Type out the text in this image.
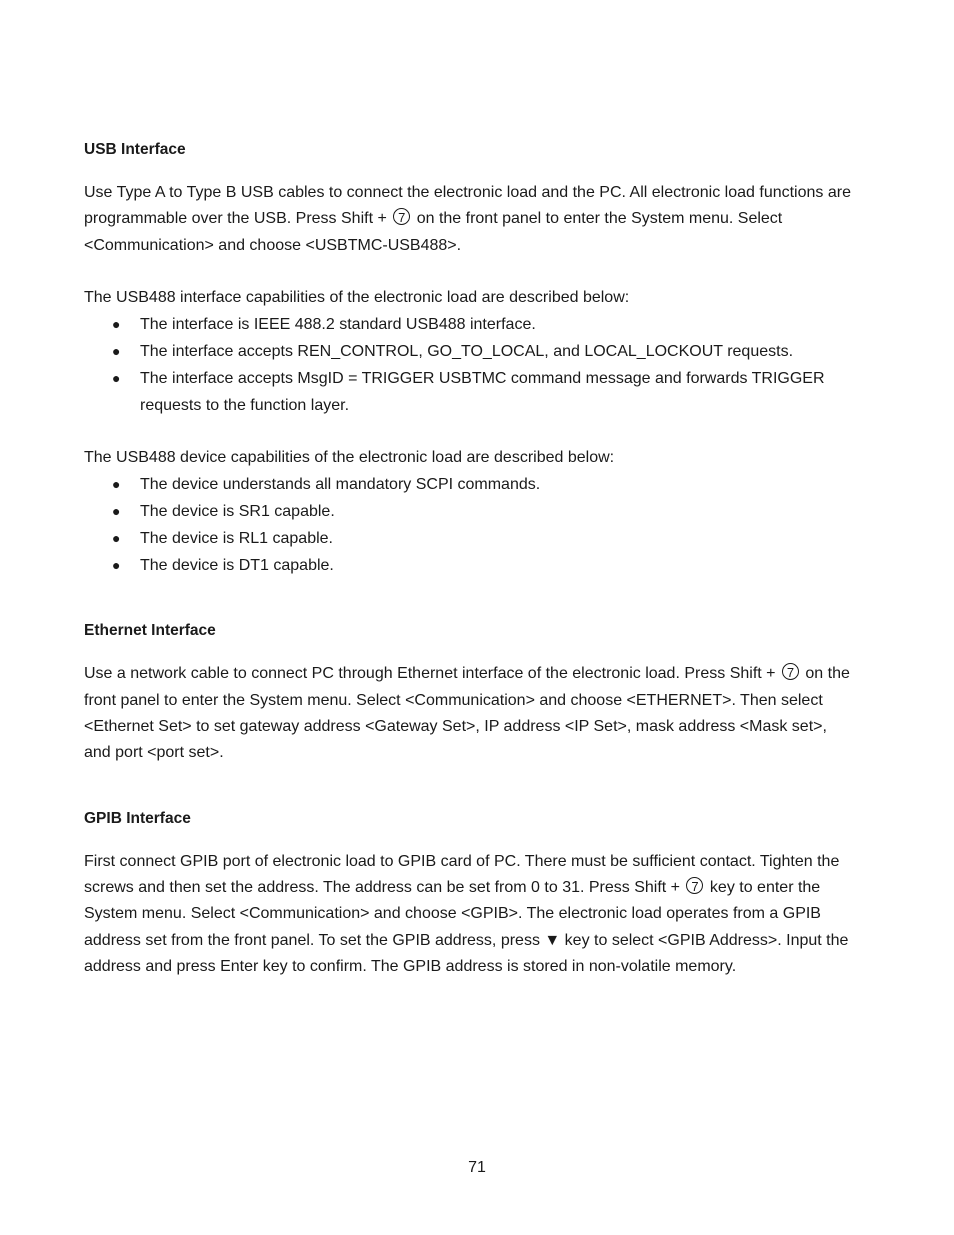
USB Interface

Use Type A to Type B USB cables to connect the electronic load and the PC. All electronic load functions are programmable over the USB. Press Shift + 7 on the front panel to enter the System menu. Select <Communication> and choose <USBTMC-USB488>.

The USB488 interface capabilities of the electronic load are described below:

● The interface is IEEE 488.2 standard USB488 interface.
● The interface accepts REN_CONTROL, GO_TO_LOCAL, and LOCAL_LOCKOUT requests.
● The interface accepts MsgID = TRIGGER USBTMC command message and forwards TRIGGER requests to the function layer.

The USB488 device capabilities of the electronic load are described below:

● The device understands all mandatory SCPI commands.
● The device is SR1 capable.
● The device is RL1 capable.
● The device is DT1 capable.
Ethernet Interface

Use a network cable to connect PC through Ethernet interface of the electronic load. Press Shift + 7 on the front panel to enter the System menu. Select <Communication> and choose <ETHERNET>. Then select <Ethernet Set> to set gateway address <Gateway Set>, IP address <IP Set>, mask address <Mask set>, and port <port set>.

GPIB Interface

First connect GPIB port of electronic load to GPIB card of PC. There must be sufficient contact. Tighten the screws and then set the address. The address can be set from 0 to 31. Press Shift + 7 key to enter the System menu. Select <Communication> and choose <GPIB>. The electronic load operates from a GPIB address set from the front panel. To set the GPIB address, press ▼ key to select <GPIB Address>. Input the address and press Enter key to confirm. The GPIB address is stored in non-volatile memory.

71
